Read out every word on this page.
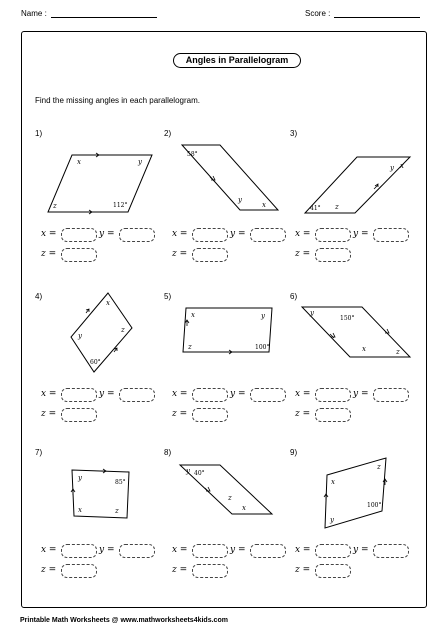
Name :	Score :
Angles in Parallelogram
Find the missing angles in each parallelogram.
1)
x	y
z	112°
2)
58°
y
x
3)
y x
z
41°
4)
x
y
z
60°
5)
x	y
z	100°
6)
y
150°
x	z
7)
y
85°
x	z
8)
y 40°
z
x
9)
z
x
y
100°
x =	y =
z =
x =	y =
z =
x =	y =
z =
x =	y =
z =
x =	y =
z =
x =	y =
z =
x =	y =
z =
x =	y =
z =
x =	y =
z =
Printable Math Worksheets @ www.mathworksheets4kids.com
